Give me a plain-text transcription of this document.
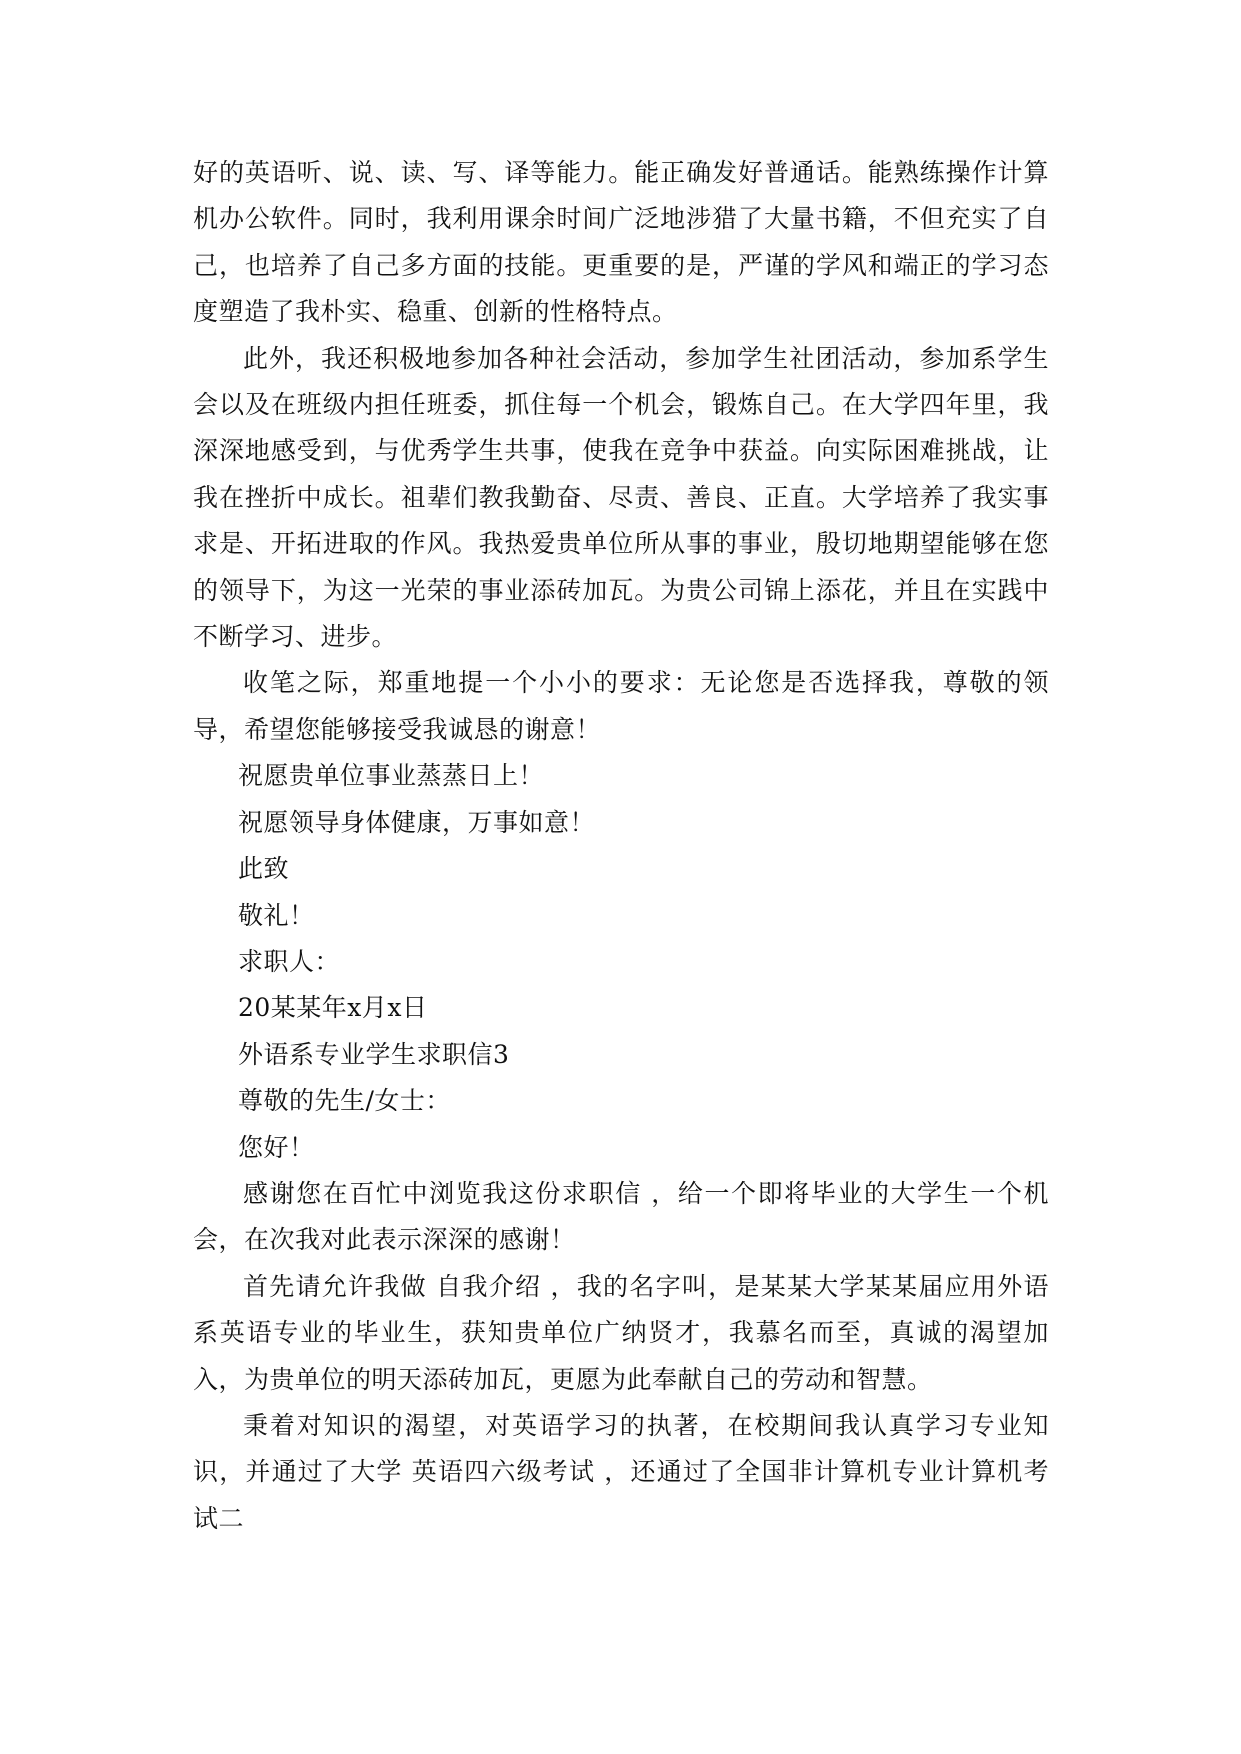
好的英语听、说、读、写、译等能力。能正确发好普通话。能熟练操作计算机办公软件。同时，我利用课余时间广泛地涉猎了大量书籍，不但充实了自己，也培养了自己多方面的技能。更重要的是，严谨的学风和端正的学习态度塑造了我朴实、稳重、创新的性格特点。

此外，我还积极地参加各种社会活动，参加学生社团活动，参加系学生会以及在班级内担任班委，抓住每一个机会，锻炼自己。在大学四年里，我深深地感受到，与优秀学生共事，使我在竞争中获益。向实际困难挑战，让我在挫折中成长。祖辈们教我勤奋、尽责、善良、正直。大学培养了我实事求是、开拓进取的作风。我热爱贵单位所从事的事业，殷切地期望能够在您的领导下，为这一光荣的事业添砖加瓦。为贵公司锦上添花，并且在实践中不断学习、进步。

收笔之际，郑重地提一个小小的要求：无论您是否选择我，尊敬的领导，希望您能够接受我诚恳的谢意！

祝愿贵单位事业蒸蒸日上！

祝愿领导身体健康，万事如意！

此致

敬礼！

求职人：

20某某年x月x日

外语系专业学生求职信3

尊敬的先生/女士：

您好！

感谢您在百忙中浏览我这份求职信 ，给一个即将毕业的大学生一个机会，在次我对此表示深深的感谢！

首先请允许我做 自我介绍 ，我的名字叫，是某某大学某某届应用外语系英语专业的毕业生，获知贵单位广纳贤才，我慕名而至，真诚的渴望加入，为贵单位的明天添砖加瓦，更愿为此奉献自己的劳动和智慧。

秉着对知识的渴望，对英语学习的执著，在校期间我认真学习专业知识，并通过了大学 英语四六级考试 ，还通过了全国非计算机专业计算机考试二
